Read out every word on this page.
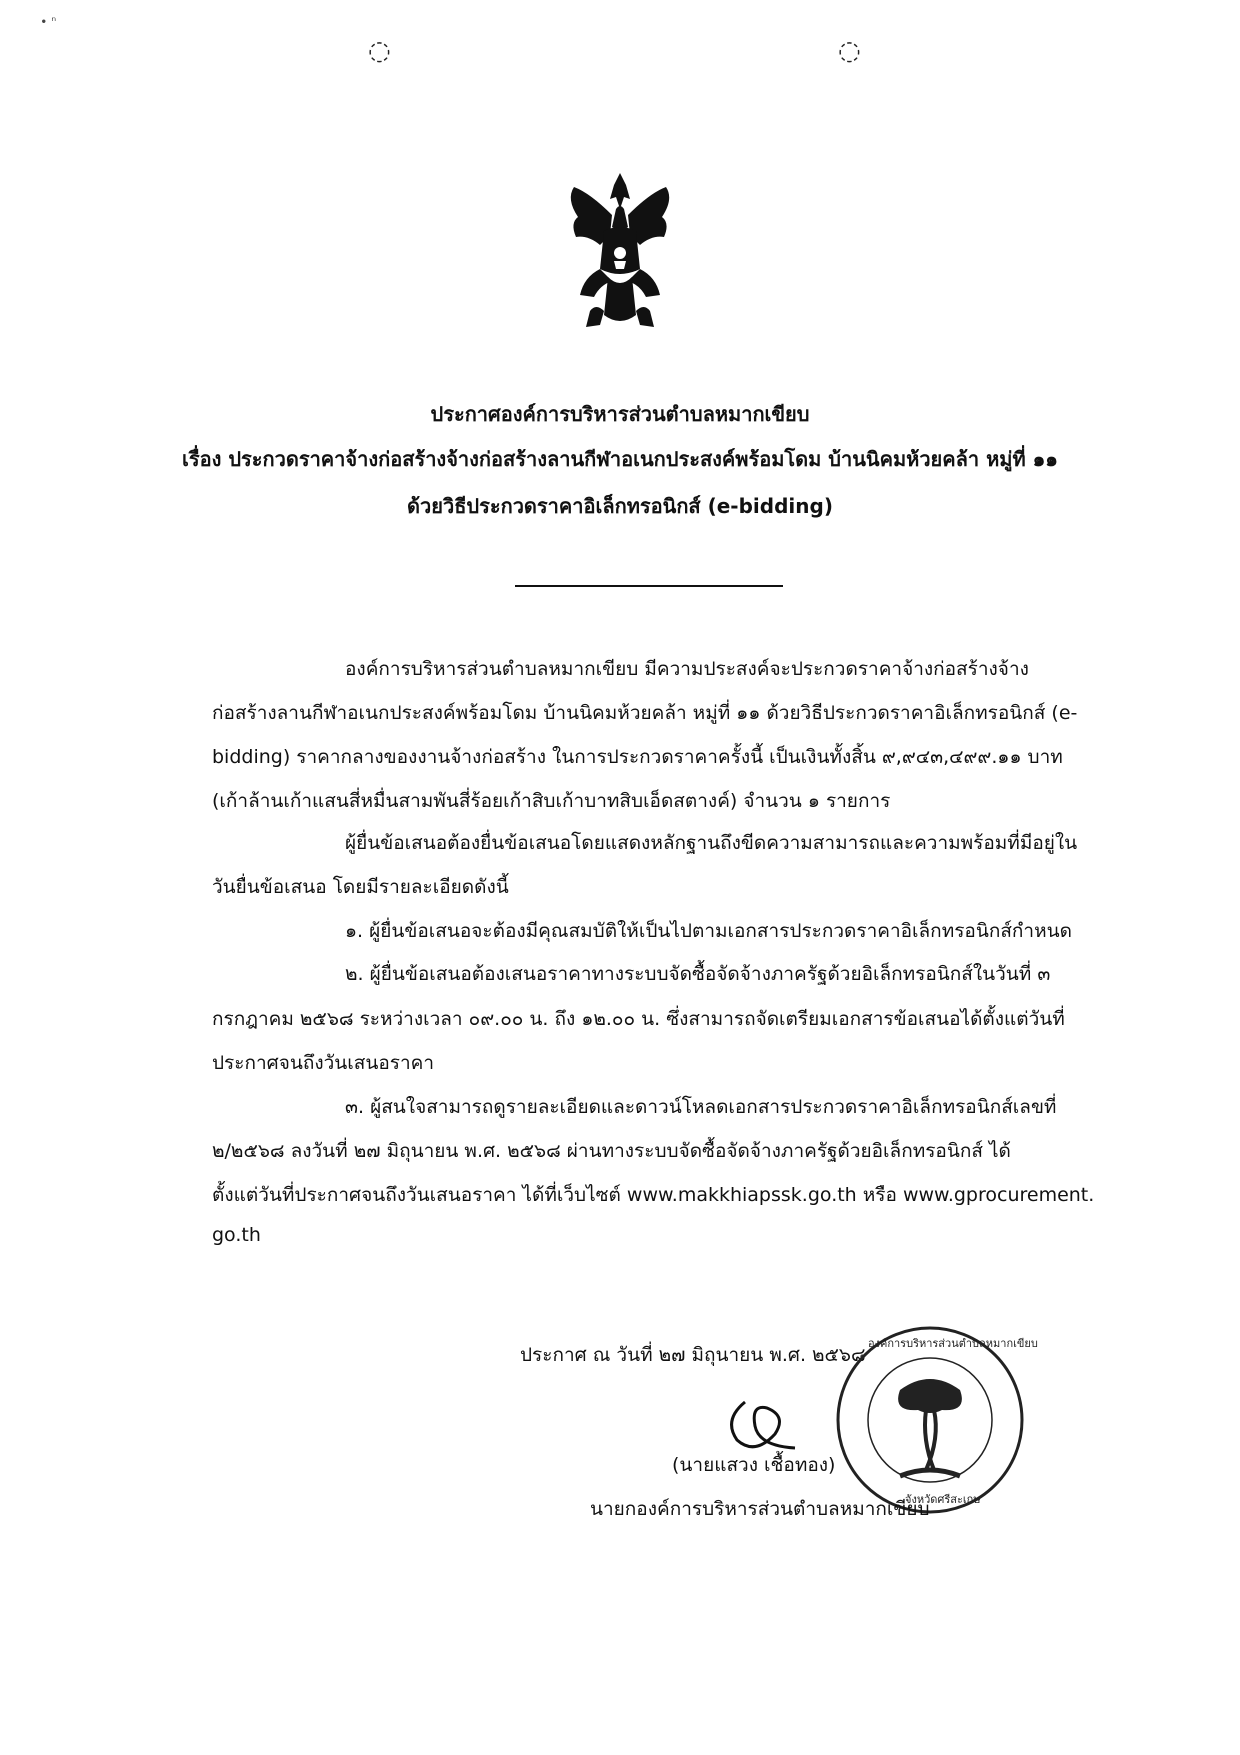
◌	◌
∙ ⁿ
ประกาศองค์การบริหารส่วนตำบลหมากเขียบ
เรื่อง ประกวดราคาจ้างก่อสร้างจ้างก่อสร้างลานกีฬาอเนกประสงค์พร้อมโดม บ้านนิคมห้วยคล้า หมู่ที่ ๑๑
ด้วยวิธีประกวดราคาอิเล็กทรอนิกส์ (e-bidding)
องค์การบริหารส่วนตำบลหมากเขียบ มีความประสงค์จะประกวดราคาจ้างก่อสร้างจ้าง
ก่อสร้างลานกีฬาอเนกประสงค์พร้อมโดม บ้านนิคมห้วยคล้า หมู่ที่ ๑๑ ด้วยวิธีประกวดราคาอิเล็กทรอนิกส์ (e-
bidding) ราคากลางของงานจ้างก่อสร้าง ในการประกวดราคาครั้งนี้ เป็นเงินทั้งสิ้น ๙,๙๔๓,๔๙๙.๑๑ บาท
(เก้าล้านเก้าแสนสี่หมื่นสามพันสี่ร้อยเก้าสิบเก้าบาทสิบเอ็ดสตางค์) จำนวน ๑ รายการ
ผู้ยื่นข้อเสนอต้องยื่นข้อเสนอโดยแสดงหลักฐานถึงขีดความสามารถและความพร้อมที่มีอยู่ใน
วันยื่นข้อเสนอ โดยมีรายละเอียดดังนี้
๑. ผู้ยื่นข้อเสนอจะต้องมีคุณสมบัติให้เป็นไปตามเอกสารประกวดราคาอิเล็กทรอนิกส์กำหนด
๒. ผู้ยื่นข้อเสนอต้องเสนอราคาทางระบบจัดซื้อจัดจ้างภาครัฐด้วยอิเล็กทรอนิกส์ในวันที่ ๓
กรกฎาคม ๒๕๖๘ ระหว่างเวลา ๐๙.๐๐ น. ถึง ๑๒.๐๐ น. ซึ่งสามารถจัดเตรียมเอกสารข้อเสนอได้ตั้งแต่วันที่
ประกาศจนถึงวันเสนอราคา
๓. ผู้สนใจสามารถดูรายละเอียดและดาวน์โหลดเอกสารประกวดราคาอิเล็กทรอนิกส์เลขที่
๒/๒๕๖๘ ลงวันที่ ๒๗ มิถุนายน พ.ศ. ๒๕๖๘ ผ่านทางระบบจัดซื้อจัดจ้างภาครัฐด้วยอิเล็กทรอนิกส์ ได้
ตั้งแต่วันที่ประกาศจนถึงวันเสนอราคา ได้ที่เว็บไซต์ www.makkhiapssk.go.th หรือ www.gprocurement.
go.th
ประกาศ ณ วันที่ ๒๗ มิถุนายน พ.ศ. ๒๕๖๘
องค์การบริหารส่วนตำบลหมากเขียบ
จังหวัดศรีสะเกษ
(นายแสวง เชื้อทอง)
นายกองค์การบริหารส่วนตำบลหมากเขียบ
